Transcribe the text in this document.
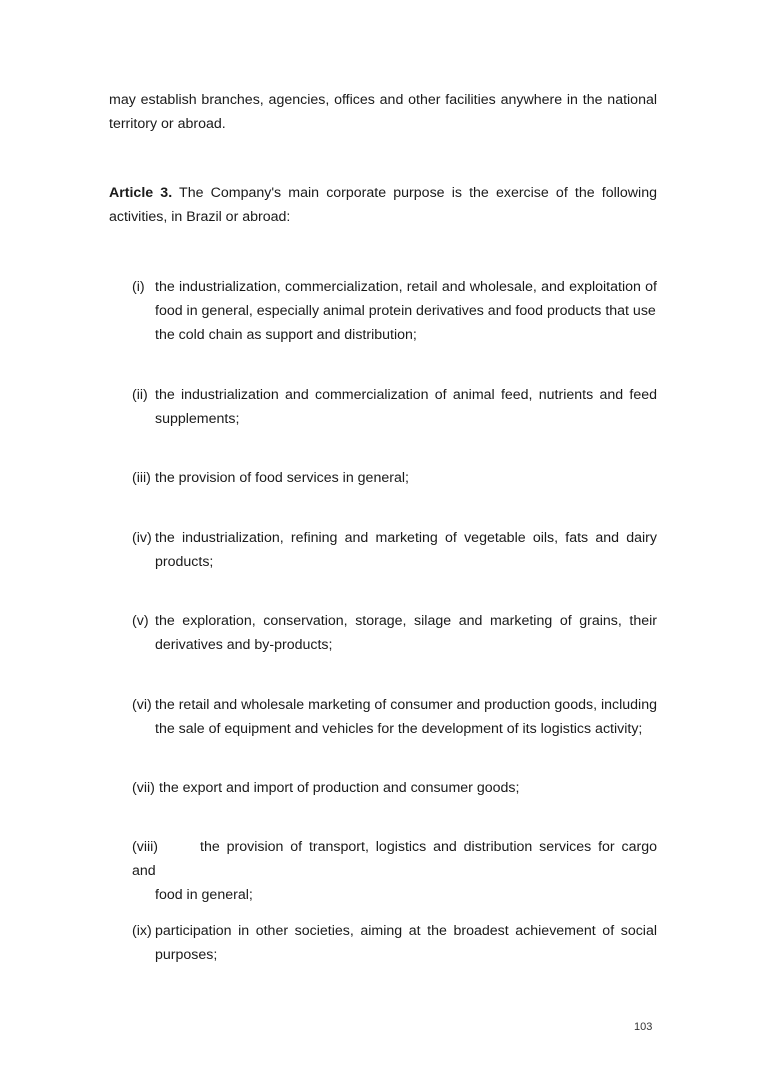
may establish branches, agencies, offices and other facilities anywhere in the national
territory or abroad.

Article 3. The Company's main corporate purpose is the exercise of the following
activities, in Brazil or abroad:

(i) the industrialization, commercialization, retail and wholesale, and exploitation of
food in general, especially animal protein derivatives and food products that use
the cold chain as support and distribution;
(ii) the industrialization and commercialization of animal feed, nutrients and feed
supplements;
(iii) the provision of food services in general;
(iv) the industrialization, refining and marketing of vegetable oils, fats and dairy
products;
(v) the exploration, conservation, storage, silage and marketing of grains, their
derivatives and by-products;
(vi) the retail and wholesale marketing of consumer and production goods, including
the sale of equipment and vehicles for the development of its logistics activity;
(vii) the export and import of production and consumer goods;
(viii)	the provision of transport, logistics and distribution services for cargo and
food in general;
(ix) participation in other societies, aiming at the broadest achievement of social
purposes;
103
